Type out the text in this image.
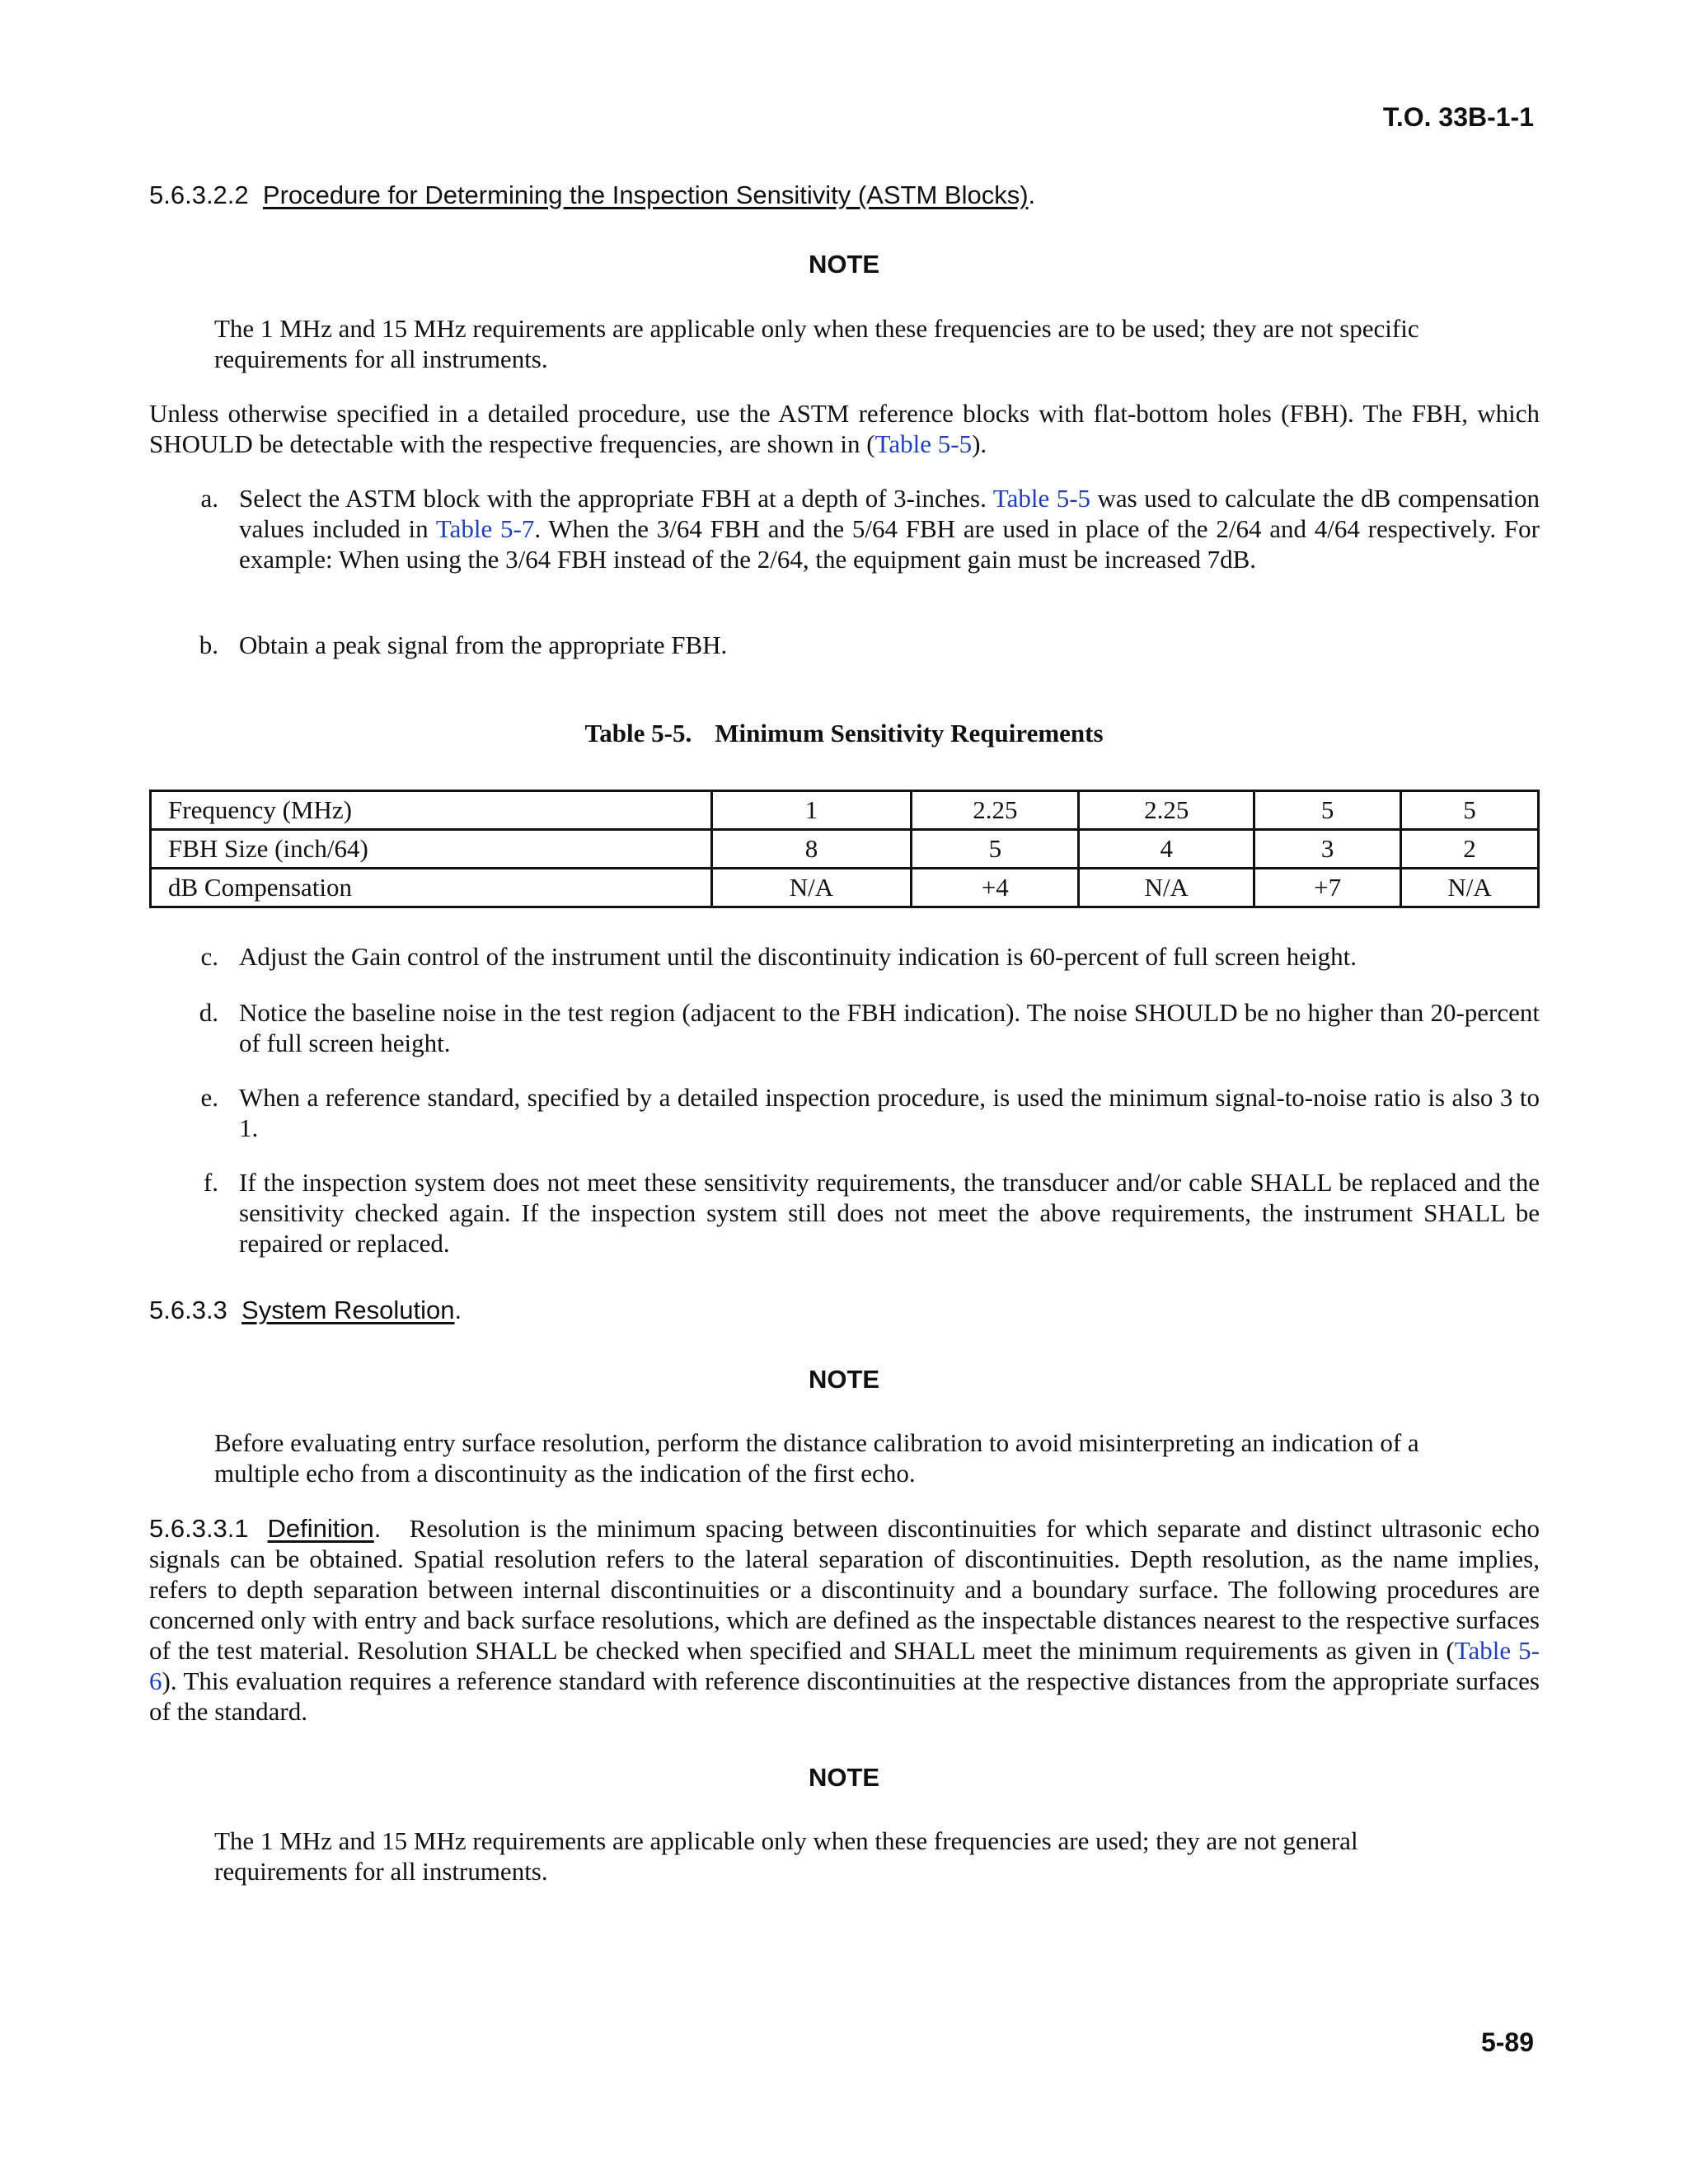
T.O. 33B-1-1
5.6.3.2.2 Procedure for Determining the Inspection Sensitivity (ASTM Blocks).
NOTE
The 1 MHz and 15 MHz requirements are applicable only when these frequencies are to be used; they are not specific requirements for all instruments.
Unless otherwise specified in a detailed procedure, use the ASTM reference blocks with flat-bottom holes (FBH). The FBH, which SHOULD be detectable with the respective frequencies, are shown in (Table 5-5).
a. Select the ASTM block with the appropriate FBH at a depth of 3-inches. Table 5-5 was used to calculate the dB compensation values included in Table 5-7. When the 3/64 FBH and the 5/64 FBH are used in place of the 2/64 and 4/64 respectively. For example: When using the 3/64 FBH instead of the 2/64, the equipment gain must be increased 7dB.
b. Obtain a peak signal from the appropriate FBH.
Table 5-5. Minimum Sensitivity Requirements
Frequency (MHz)	1	2.25	2.25	5	5
FBH Size (inch/64)	8	5	4	3	2
dB Compensation	N/A	+4	N/A	+7	N/A
c. Adjust the Gain control of the instrument until the discontinuity indication is 60-percent of full screen height.
d. Notice the baseline noise in the test region (adjacent to the FBH indication). The noise SHOULD be no higher than 20-percent of full screen height.
e. When a reference standard, specified by a detailed inspection procedure, is used the minimum signal-to-noise ratio is also 3 to 1.
f. If the inspection system does not meet these sensitivity requirements, the transducer and/or cable SHALL be replaced and the sensitivity checked again. If the inspection system still does not meet the above requirements, the instrument SHALL be repaired or replaced.
5.6.3.3 System Resolution.
NOTE
Before evaluating entry surface resolution, perform the distance calibration to avoid misinterpreting an indication of a multiple echo from a discontinuity as the indication of the first echo.
5.6.3.3.1 Definition. Resolution is the minimum spacing between discontinuities for which separate and distinct ultrasonic echo signals can be obtained. Spatial resolution refers to the lateral separation of discontinuities. Depth resolution, as the name implies, refers to depth separation between internal discontinuities or a discontinuity and a boundary surface. The following procedures are concerned only with entry and back surface resolutions, which are defined as the inspectable distances nearest to the respective surfaces of the test material. Resolution SHALL be checked when specified and SHALL meet the minimum requirements as given in (Table 5-6). This evaluation requires a reference standard with reference discontinuities at the respective distances from the appropriate surfaces of the standard.
NOTE
The 1 MHz and 15 MHz requirements are applicable only when these frequencies are used; they are not general requirements for all instruments.
5-89
